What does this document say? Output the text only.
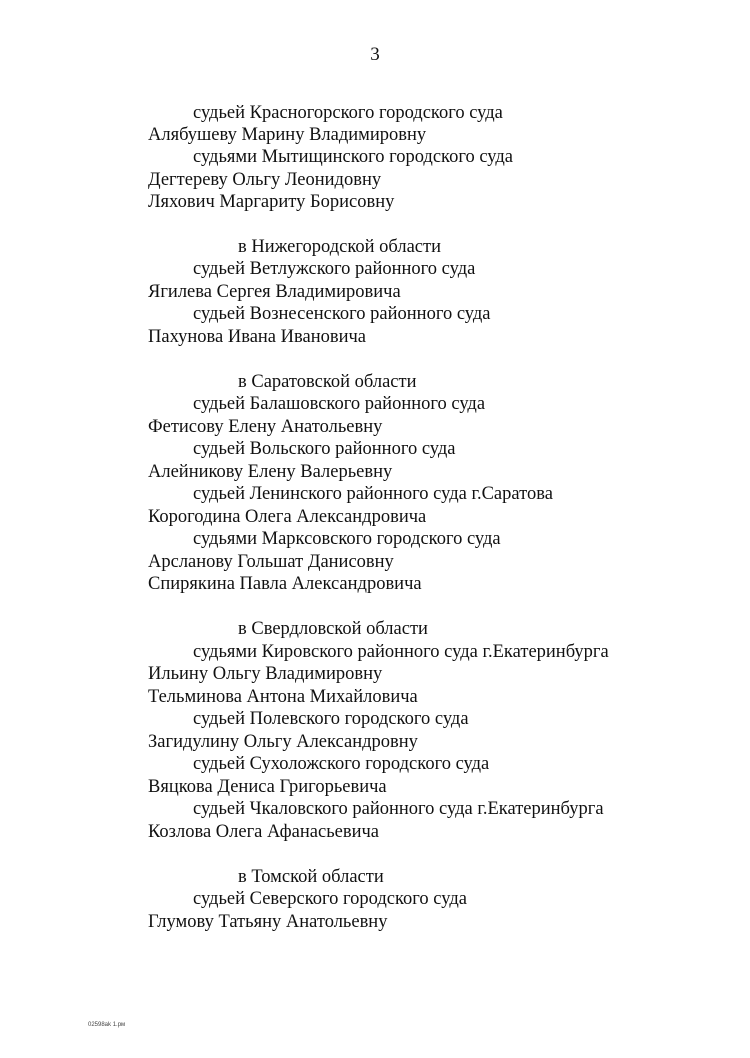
3
судьей Красногорского городского суда
Алябушеву Марину Владимировну
судьями Мытищинского городского суда
Дегтереву Ольгу Леонидовну
Ляхович Маргариту Борисовну
в Нижегородской области
судьей Ветлужского районного суда
Ягилева Сергея Владимировича
судьей Вознесенского районного суда
Пахунова Ивана Ивановича
в Саратовской области
судьей Балашовского районного суда
Фетисову Елену Анатольевну
судьей Вольского районного суда
Алейникову Елену Валерьевну
судьей Ленинского районного суда г.Саратова
Корогодина Олега Александровича
судьями Марксовского городского суда
Арсланову Гольшат Данисовну
Спирякина Павла Александровича
в Свердловской области
судьями Кировского районного суда г.Екатеринбурга
Ильину Ольгу Владимировну
Тельминова Антона Михайловича
судьей Полевского городского суда
Загидулину Ольгу Александровну
судьей Сухоложского городского суда
Вяцкова Дениса Григорьевича
судьей Чкаловского районного суда г.Екатеринбурга
Козлова Олега Афанасьевича
в Томской области
судьей Северского городского суда
Глумову Татьяну Анатольевну
02598ak 1.рм
